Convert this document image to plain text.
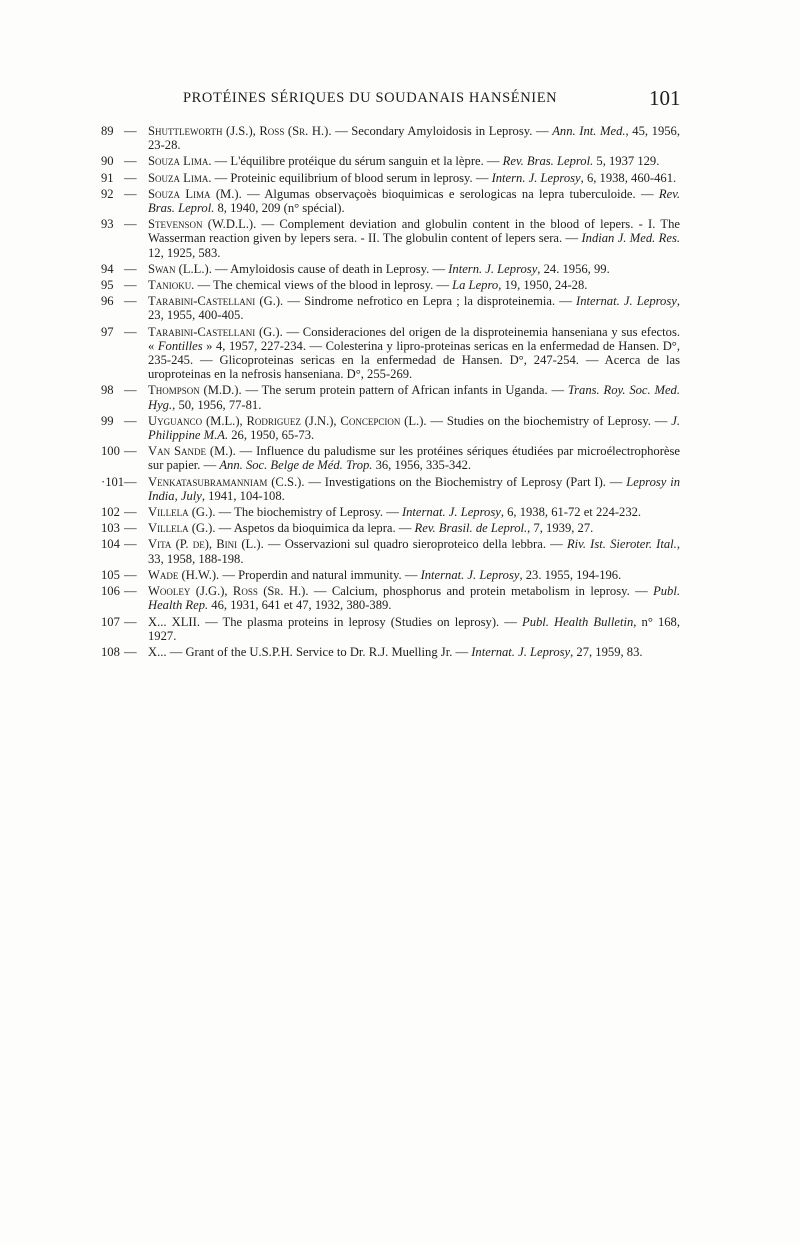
PROTÉINES SÉRIQUES DU SOUDANAIS HANSÉNIEN	101
89 — Shuttleworth (J.S.), Ross (Sr. H.). — Secondary Amyloidosis in Leprosy. — Ann. Int. Med., 45, 1956, 23-28.
90 — Souza Lima. — L'équilibre protéique du sérum sanguin et la lèpre. — Rev. Bras. Leprol. 5, 1937 129.
91 — Souza Lima. — Proteinic equilibrium of blood serum in leprosy. — Intern. J. Leprosy, 6, 1938, 460-461.
92 — Souza Lima (M.). — Algumas observaçoès bioquimicas e serologicas na lepra tuberculoide. — Rev. Bras. Leprol. 8, 1940, 209 (n° spécial).
93 — Stevenson (W.D.L.). — Complement deviation and globulin content in the blood of lepers. - I. The Wasserman reaction given by lepers sera. - II. The globulin content of lepers sera. — Indian J. Med. Res. 12, 1925, 583.
94 — Swan (L.L.). — Amyloidosis cause of death in Leprosy. — Intern. J. Leprosy, 24. 1956, 99.
95 — Tanioku. — The chemical views of the blood in leprosy. — La Lepro, 19, 1950, 24-28.
96 — Tarabini-Castellani (G.). — Sindrome nefrotico en Lepra ; la disproteinemia. — Internat. J. Leprosy, 23, 1955, 400-405.
97 — Tarabini-Castellani (G.). — Consideraciones del origen de la disproteinemia hanseniana y sus efectos. « Fontilles » 4, 1957, 227-234. — Colesterina y lipro-proteinas sericas en la enfermedad de Hansen. D°, 235-245. — Glicoproteinas sericas en la enfermedad de Hansen. D°, 247-254. — Acerca de las uroproteinas en la nefrosis hanseniana. D°, 255-269.
98 — Thompson (M.D.). — The serum protein pattern of African infants in Uganda. — Trans. Roy. Soc. Med. Hyg., 50, 1956, 77-81.
99 — Uyguanco (M.L.), Rodriguez (J.N.), Concepcion (L.). — Studies on the biochemistry of Leprosy. — J. Philippine M.A. 26, 1950, 65-73.
100 — Van Sande (M.). — Influence du paludisme sur les protéines sériques étudiées par microélectrophorèse sur papier. — Ann. Soc. Belge de Méd. Trop. 36, 1956, 335-342.
·101 — Venkatasubramanniam (C.S.). — Investigations on the Biochemistry of Leprosy (Part I). — Leprosy in India, July, 1941, 104-108.
102 — Villela (G.). — The biochemistry of Leprosy. — Internat. J. Leprosy, 6, 1938, 61-72 et 224-232.
103 — Villela (G.). — Aspetos da bioquimica da lepra. — Rev. Brasil. de Leprol., 7, 1939, 27.
104 — Vita (P. de), Bini (L.). — Osservazioni sul quadro sieroproteico della lebbra. — Riv. Ist. Sieroter. Ital., 33, 1958, 188-198.
105 — Wade (H.W.). — Properdin and natural immunity. — Internat. J. Leprosy, 23. 1955, 194-196.
106 — Wooley (J.G.), Ross (Sr. H.). — Calcium, phosphorus and protein metabolism in leprosy. — Publ. Health Rep. 46, 1931, 641 et 47, 1932, 380-389.
107 — X... XLII. — The plasma proteins in leprosy (Studies on leprosy). — Publ. Health Bulletin, n° 168, 1927.
108 — X... — Grant of the U.S.P.H. Service to Dr. R.J. Muelling Jr. — Internat. J. Leprosy, 27, 1959, 83.
